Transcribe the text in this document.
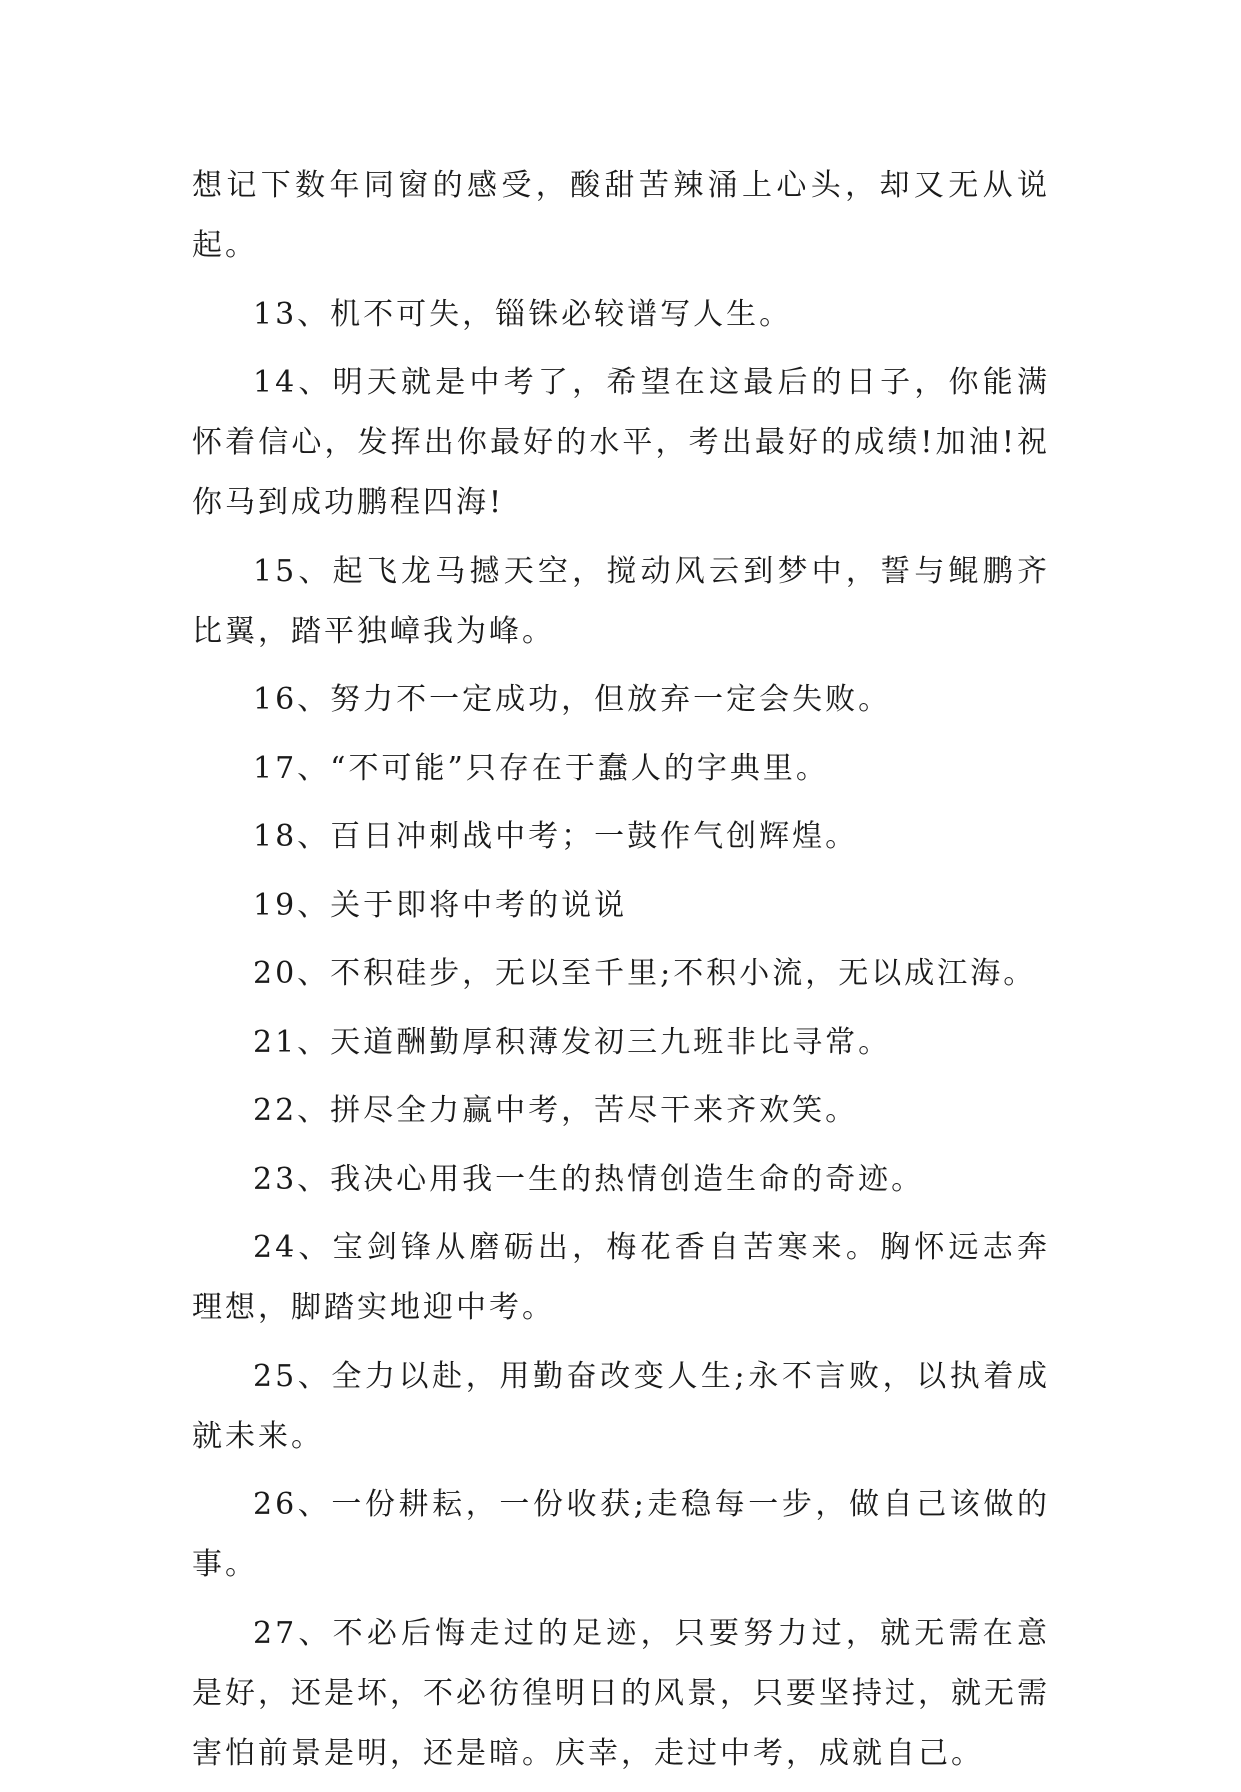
想记下数年同窗的感受，酸甜苦辣涌上心头，却又无从说起。

13、机不可失，锱铢必较谱写人生。

14、明天就是中考了，希望在这最后的日子，你能满怀着信心，发挥出你最好的水平，考出最好的成绩!加油!祝你马到成功鹏程四海!

15、起飞龙马撼天空，搅动风云到梦中，誓与鲲鹏齐比翼，踏平独嶂我为峰。

16、努力不一定成功，但放弃一定会失败。

17、“不可能”只存在于蠢人的字典里。

18、百日冲刺战中考；一鼓作气创辉煌。

19、关于即将中考的说说

20、不积硅步，无以至千里;不积小流，无以成江海。

21、天道酬勤厚积薄发初三九班非比寻常。

22、拼尽全力赢中考，苦尽干来齐欢笑。

23、我决心用我一生的热情创造生命的奇迹。

24、宝剑锋从磨砺出，梅花香自苦寒来。胸怀远志奔理想，脚踏实地迎中考。

25、全力以赴，用勤奋改变人生;永不言败，以执着成就未来。

26、一份耕耘，一份收获;走稳每一步，做自己该做的事。

27、不必后悔走过的足迹，只要努力过，就无需在意是好，还是坏，不必彷徨明日的风景，只要坚持过，就无需害怕前景是明，还是暗。庆幸，走过中考，成就自己。
